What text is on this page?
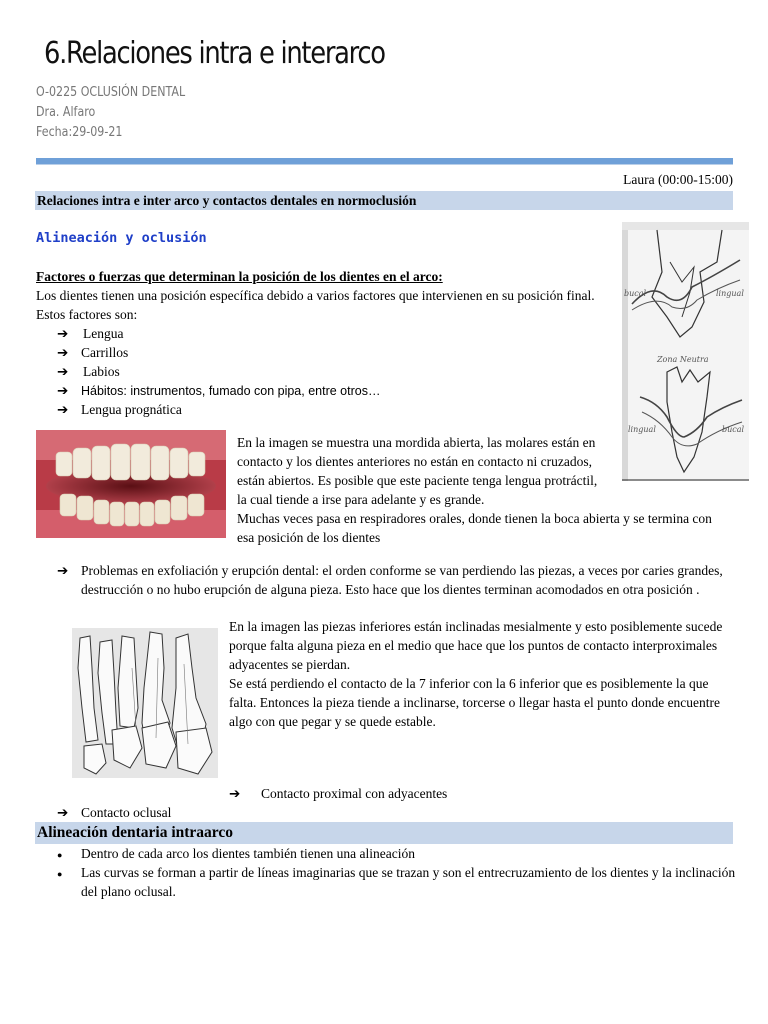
6.Relaciones intra e interarco
O-0225 OCLUSIÓN DENTAL
Dra. Alfaro
Fecha:29-09-21
Laura (00:00-15:00)
Relaciones intra e inter arco y contactos dentales en normoclusión
Alineación y oclusión
Factores o fuerzas que determinan la posición de los dientes en el arco:
Los dientes tienen una posición específica debido a varios factores que intervienen en su posición final.
Estos factores son:
➔ Lengua
➔ Carrillos
➔ Labios
➔ Hábitos: instrumentos, fumado con pipa, entre otros…
➔ Lengua prognática
bucal	lingual
Zona Neutra
lingual	bucal
En la imagen se muestra una mordida abierta, las molares están en
contacto y los dientes anteriores no están en contacto ni cruzados,
están abiertos. Es posible que este paciente tenga lengua protráctil,
la cual tiende a irse para adelante y es grande.
Muchas veces pasa en respiradores orales, donde tienen la boca abierta y se termina con
esa posición de los dientes
➔ Problemas en exfoliación y erupción dental: el orden conforme se van perdiendo las piezas, a veces por caries grandes,
destrucción o no hubo erupción de alguna pieza. Esto hace que los dientes terminan acomodados en otra posición .
En la imagen las piezas inferiores están inclinadas mesialmente y esto posiblemente sucede
porque falta alguna pieza en el medio que hace que los puntos de contacto interproximales
adyacentes se pierdan.
Se está perdiendo el contacto de la 7 inferior con la 6 inferior que es posiblemente la que
falta. Entonces la pieza tiende a inclinarse, torcerse o llegar hasta el punto donde encuentre
algo con que pegar y se quede estable.
➔ Contacto proximal con adyacentes
➔ Contacto oclusal
Alineación dentaria intraarco
● Dentro de cada arco los dientes también tienen una alineación
● Las curvas se forman a partir de líneas imaginarias que se trazan y son el entrecruzamiento de los dientes y la inclinación
del plano oclusal.
